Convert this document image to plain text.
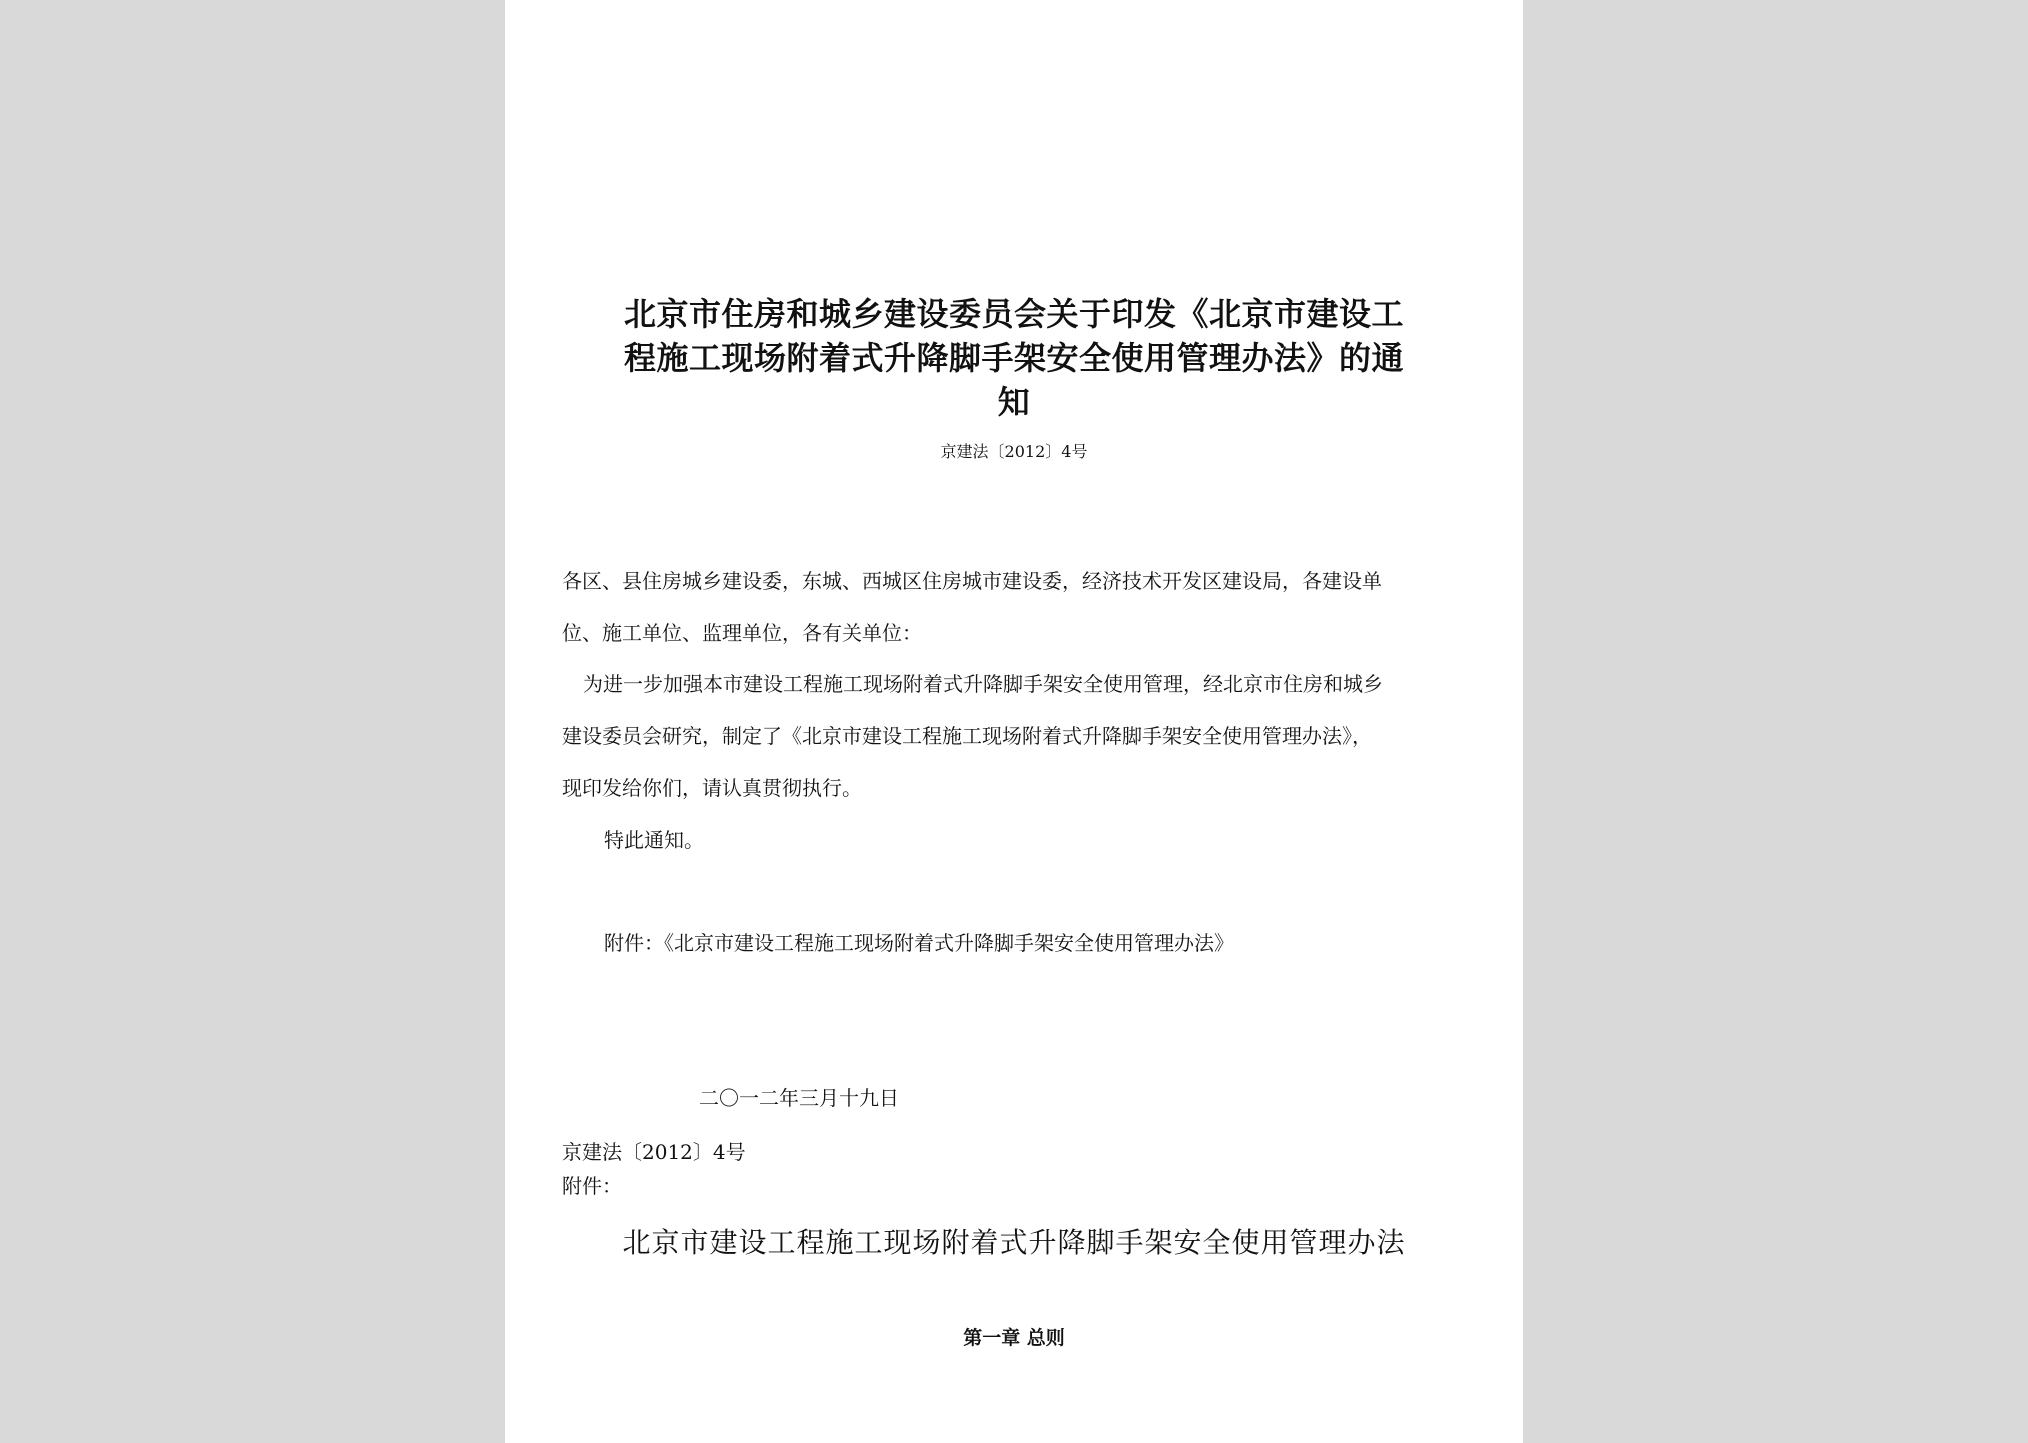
北京市住房和城乡建设委员会关于印发《北京市建设工
程施工现场附着式升降脚手架安全使用管理办法》的通
知
京建法〔2012〕4号
各区、县住房城乡建设委，东城、西城区住房城市建设委，经济技术开发区建设局，各建设单
位、施工单位、监理单位，各有关单位：
为进一步加强本市建设工程施工现场附着式升降脚手架安全使用管理，经北京市住房和城乡
建设委员会研究，制定了《北京市建设工程施工现场附着式升降脚手架安全使用管理办法》，
现印发给你们，请认真贯彻执行。
特此通知。
附件：《北京市建设工程施工现场附着式升降脚手架安全使用管理办法》
二〇一二年三月十九日
京建法〔2012〕4号
附件：
北京市建设工程施工现场附着式升降脚手架安全使用管理办法
第一章 总则
